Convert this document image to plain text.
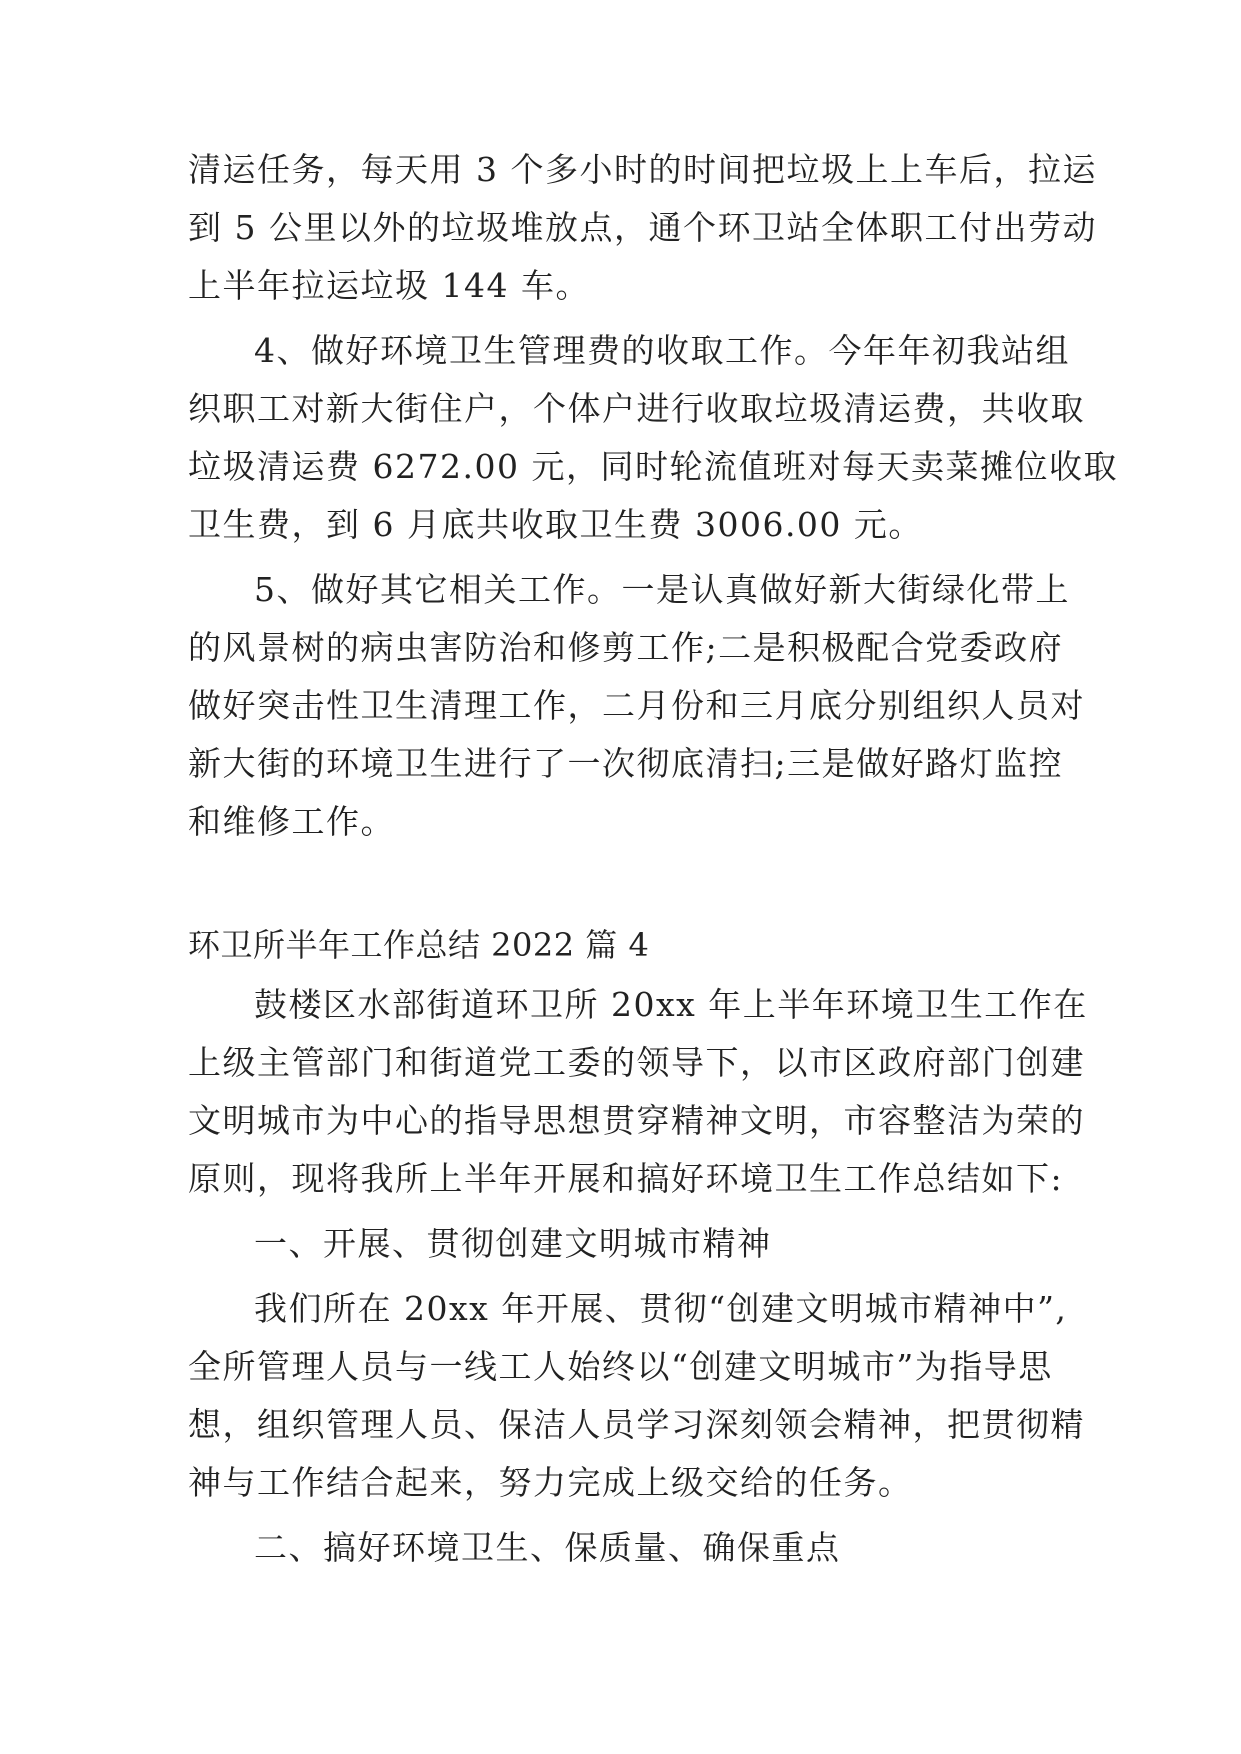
清运任务，每天用 3 个多小时的时间把垃圾上上车后，拉运
到 5 公里以外的垃圾堆放点，通个环卫站全体职工付出劳动
上半年拉运垃圾 144 车。
4、做好环境卫生管理费的收取工作。今年年初我站组
织职工对新大街住户，个体户进行收取垃圾清运费，共收取
垃圾清运费 6272.00 元，同时轮流值班对每天卖菜摊位收取
卫生费，到 6 月底共收取卫生费 3006.00 元。
5、做好其它相关工作。一是认真做好新大街绿化带上
的风景树的病虫害防治和修剪工作;二是积极配合党委政府
做好突击性卫生清理工作，二月份和三月底分别组织人员对
新大街的环境卫生进行了一次彻底清扫;三是做好路灯监控
和维修工作。
环卫所半年工作总结 2022 篇 4
鼓楼区水部街道环卫所 20xx 年上半年环境卫生工作在
上级主管部门和街道党工委的领导下，以市区政府部门创建
文明城市为中心的指导思想贯穿精神文明，市容整洁为荣的
原则，现将我所上半年开展和搞好环境卫生工作总结如下:
一、开展、贯彻创建文明城市精神
我们所在 20xx 年开展、贯彻“创建文明城市精神中”,
全所管理人员与一线工人始终以“创建文明城市”为指导思
想，组织管理人员、保洁人员学习深刻领会精神，把贯彻精
神与工作结合起来，努力完成上级交给的任务。
二、搞好环境卫生、保质量、确保重点
